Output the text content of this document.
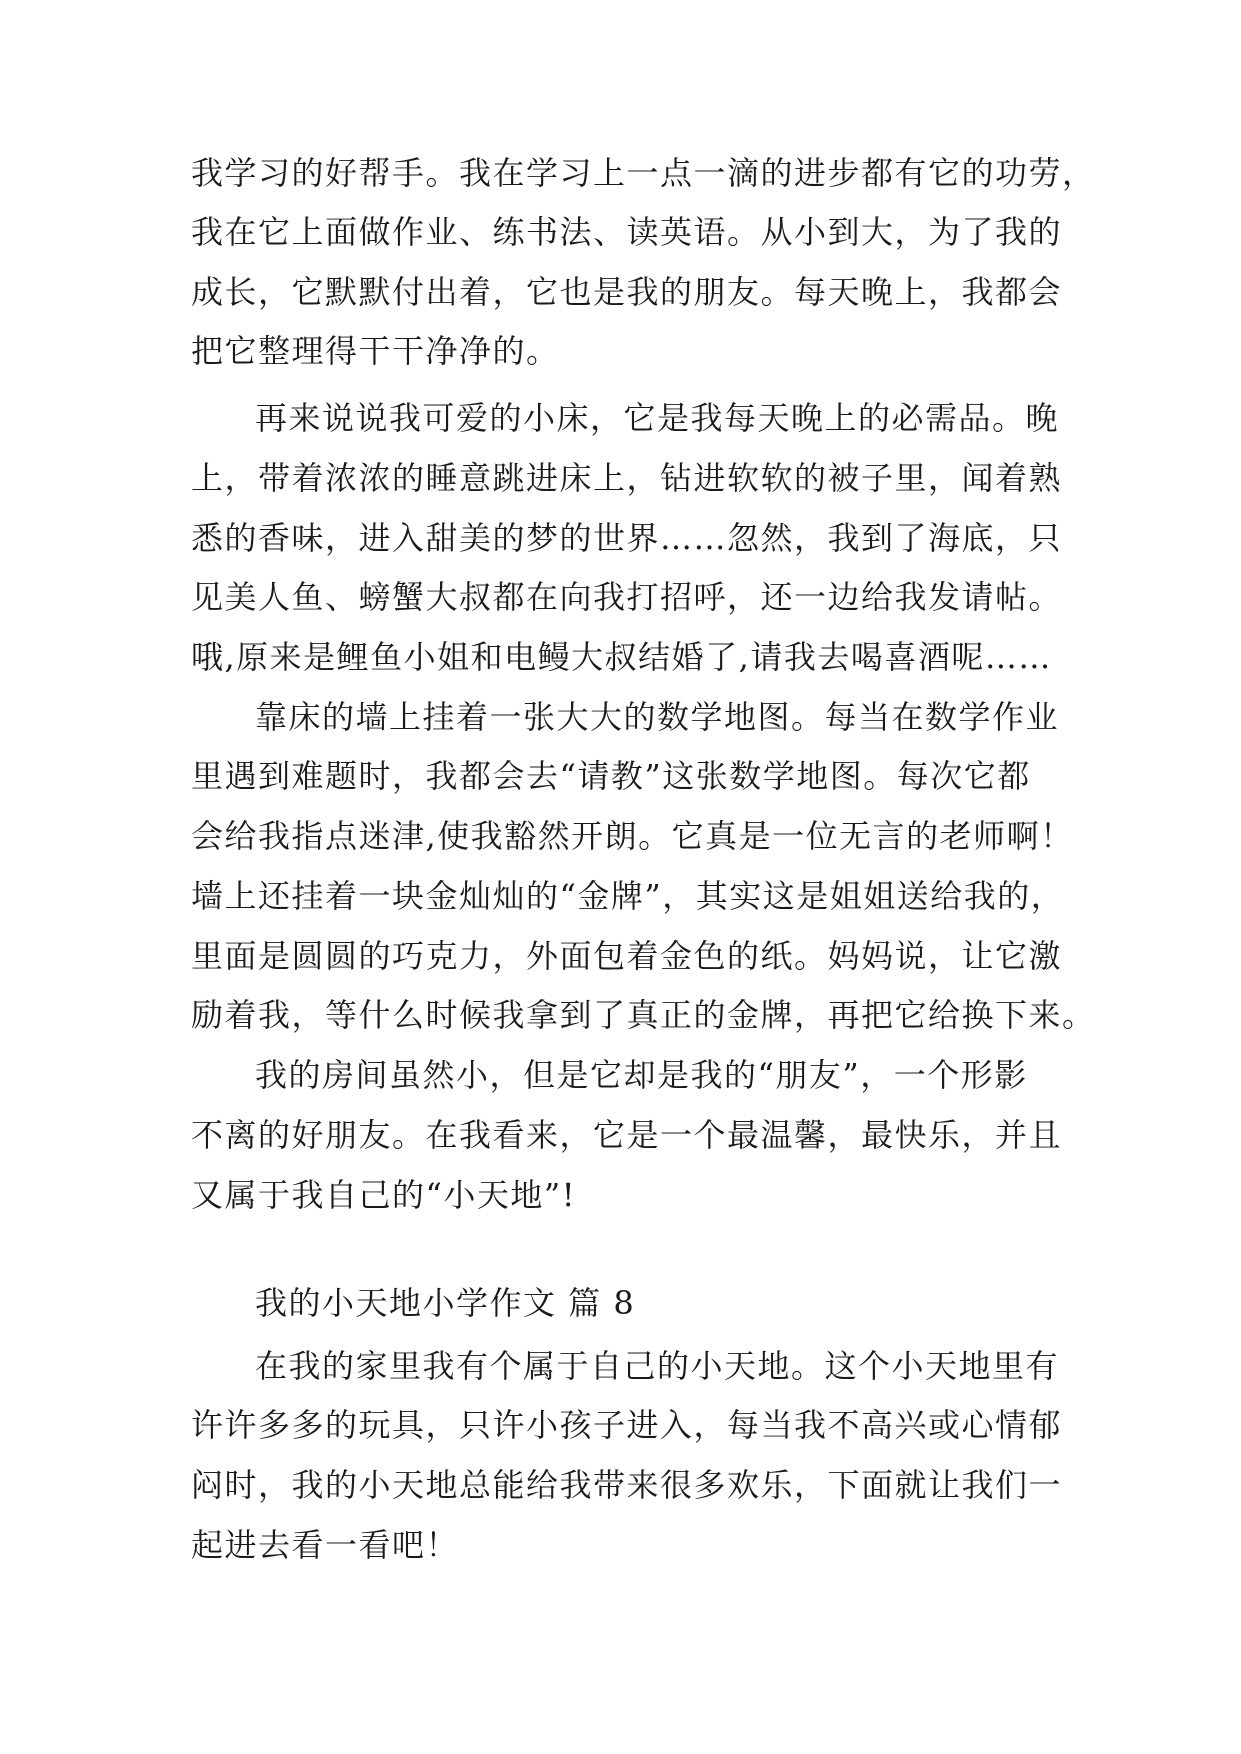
我学习的好帮手。我在学习上一点一滴的进步都有它的功劳，
我在它上面做作业、练书法、读英语。从小到大，为了我的
成长，它默默付出着，它也是我的朋友。每天晚上，我都会
把它整理得干干净净的。
再来说说我可爱的小床，它是我每天晚上的必需品。晚
上，带着浓浓的睡意跳进床上，钻进软软的被子里，闻着熟
悉的香味，进入甜美的梦的世界……忽然，我到了海底，只
见美人鱼、螃蟹大叔都在向我打招呼，还一边给我发请帖。
哦,原来是鲤鱼小姐和电鳗大叔结婚了,请我去喝喜酒呢……
靠床的墙上挂着一张大大的数学地图。每当在数学作业
里遇到难题时，我都会去“请教”这张数学地图。每次它都
会给我指点迷津,使我豁然开朗。它真是一位无言的老师啊！
墙上还挂着一块金灿灿的“金牌”，其实这是姐姐送给我的，
里面是圆圆的巧克力，外面包着金色的纸。妈妈说，让它激
励着我，等什么时候我拿到了真正的金牌，再把它给换下来。
我的房间虽然小，但是它却是我的“朋友”，一个形影
不离的好朋友。在我看来，它是一个最温馨，最快乐，并且
又属于我自己的“小天地”!
我的小天地小学作文 篇 8
在我的家里我有个属于自己的小天地。这个小天地里有
许许多多的玩具，只许小孩子进入，每当我不高兴或心情郁
闷时，我的小天地总能给我带来很多欢乐，下面就让我们一
起进去看一看吧！
